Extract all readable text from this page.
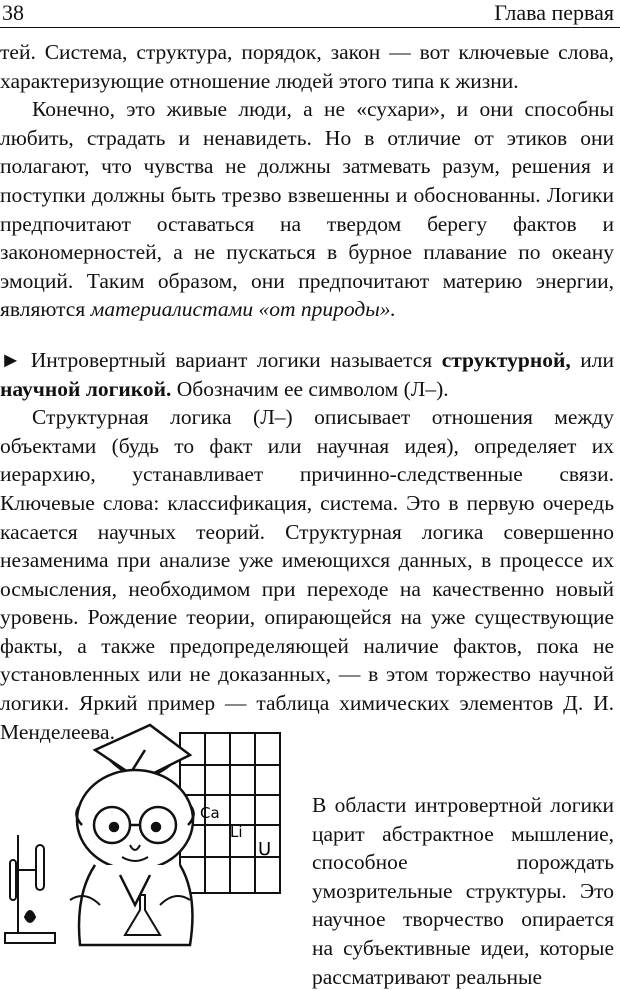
38	Глава первая

тей. Система, структура, порядок, закон — вот ключевые слова, характеризующие отношение людей этого типа к жизни.

Конечно, это живые люди, а не «сухари», и они способны любить, страдать и ненавидеть. Но в отличие от этиков они полагают, что чувства не должны затмевать разум, решения и поступки должны быть трезво взвешенны и обоснованны. Логики предпочитают оставаться на твердом берегу фактов и закономерностей, а не пускаться в бурное плавание по океану эмоций. Таким образом, они предпочитают материю энергии, являются материалистами «от природы».

► Интровертный вариант логики называется структурной, или научной логикой. Обозначим ее символом (Л–).

Структурная логика (Л–) описывает отношения между объектами (будь то факт или научная идея), определяет их иерархию, устанавливает причинно-следственные связи. Ключевые слова: классификация, система. Это в первую очередь касается научных теорий. Структурная логика совершенно незаменима при анализе уже имеющихся данных, в процессе их осмысления, необходимом при переходе на качественно новый уровень. Рождение теории, опирающейся на уже существующие факты, а также предопределяющей наличие фактов, пока не установленных или не доказанных, — в этом торжество научной логики. Яркий пример — таблица химических элементов Д. И. Менделеева.

Ca
Li
U

В области интровертной логики царит абстрактное мышление, способное порождать умозрительные структуры. Это научное творчество опирается на субъективные идеи, которые рассматривают реальные
